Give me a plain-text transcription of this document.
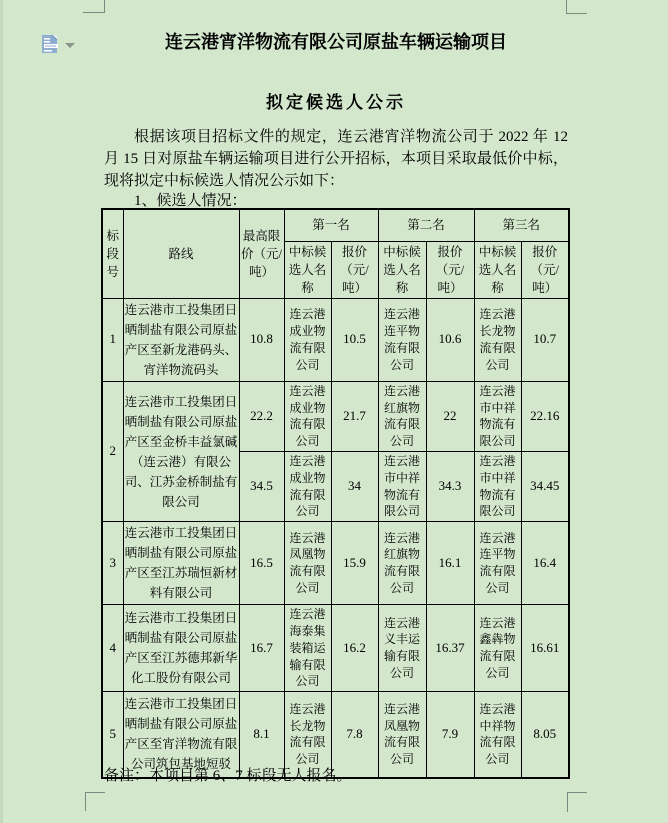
连云港宵洋物流有限公司原盐车辆运输项目
拟定候选人公示
根据该项目招标文件的规定，连云港宵洋物流公司于 2022 年 12 月 15 日对原盐车辆运输项目进行公开招标，本项目采取最低价中标，现将拟定中标候选人情况公示如下：
1、候选人情况：
标段号	路线	最高限价（元/吨）	第一名		第二名		第三名	
			中标候选人名称	报价（元/吨）	中标候选人名称	报价（元/吨）	中标候选人名称	报价（元/吨）
1	连云港市工投集团日晒制盐有限公司原盐产区至新龙港码头、宵洋物流码头	10.8	连云港成业物流有限公司	10.5	连云港连平物流有限公司	10.6	连云港长龙物流有限公司	10.7
2	连云港市工投集团日晒制盐有限公司原盐产区至金桥丰益氯碱（连云港）有限公司、江苏金桥制盐有限公司	22.2	连云港成业物流有限公司	21.7	连云港红旗物流有限公司	22	连云港市中祥物流有限公司	22.16
		34.5	连云港成业物流有限公司	34	连云港市中祥物流有限公司	34.3	连云港市中祥物流有限公司	34.45
3	连云港市工投集团日晒制盐有限公司原盐产区至江苏瑞恒新材料有限公司	16.5	连云港凤凰物流有限公司	15.9	连云港红旗物流有限公司	16.1	连云港连平物流有限公司	16.4
4	连云港市工投集团日晒制盐有限公司原盐产区至江苏德邦新华化工股份有限公司	16.7	连云港海泰集装箱运输有限公司	16.2	连云港义丰运输有限公司	16.37	连云港鑫犇物流有限公司	16.61
5	连云港市工投集团日晒制盐有限公司原盐产区至宵洋物流有限公司筑包基地短驳	8.1	连云港长龙物流有限公司	7.8	连云港凤凰物流有限公司	7.9	连云港中祥物流有限公司	8.05
备注：本项目第 6、7 标段无人报名。
